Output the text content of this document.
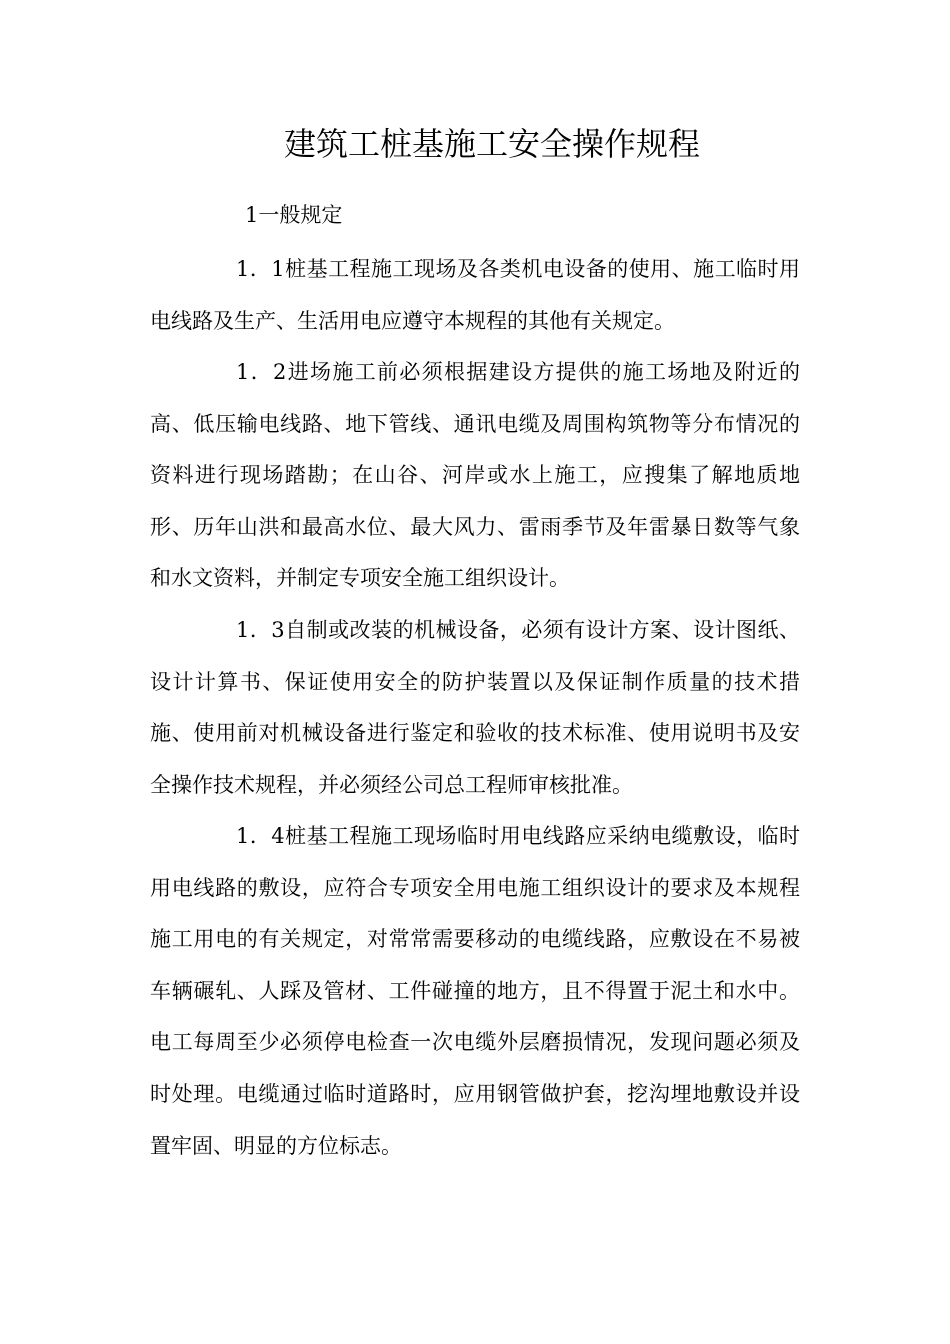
建筑工桩基施工安全操作规程

1一般规定

1．1桩基工程施工现场及各类机电设备的使用、施工临时用电线路及生产、生活用电应遵守本规程的其他有关规定。

1．2进场施工前必须根据建设方提供的施工场地及附近的高、低压输电线路、地下管线、通讯电缆及周围构筑物等分布情况的资料进行现场踏勘；在山谷、河岸或水上施工，应搜集了解地质地形、历年山洪和最高水位、最大风力、雷雨季节及年雷暴日数等气象和水文资料，并制定专项安全施工组织设计。

1．3自制或改装的机械设备，必须有设计方案、设计图纸、设计计算书、保证使用安全的防护装置以及保证制作质量的技术措施、使用前对机械设备进行鉴定和验收的技术标准、使用说明书及安全操作技术规程，并必须经公司总工程师审核批准。

1．4桩基工程施工现场临时用电线路应采纳电缆敷设，临时用电线路的敷设，应符合专项安全用电施工组织设计的要求及本规程施工用电的有关规定，对常常需要移动的电缆线路，应敷设在不易被车辆碾轧、人踩及管材、工件碰撞的地方，且不得置于泥土和水中。电工每周至少必须停电检查一次电缆外层磨损情况，发现问题必须及时处理。电缆通过临时道路时，应用钢管做护套，挖沟埋地敷设并设置牢固、明显的方位标志。
